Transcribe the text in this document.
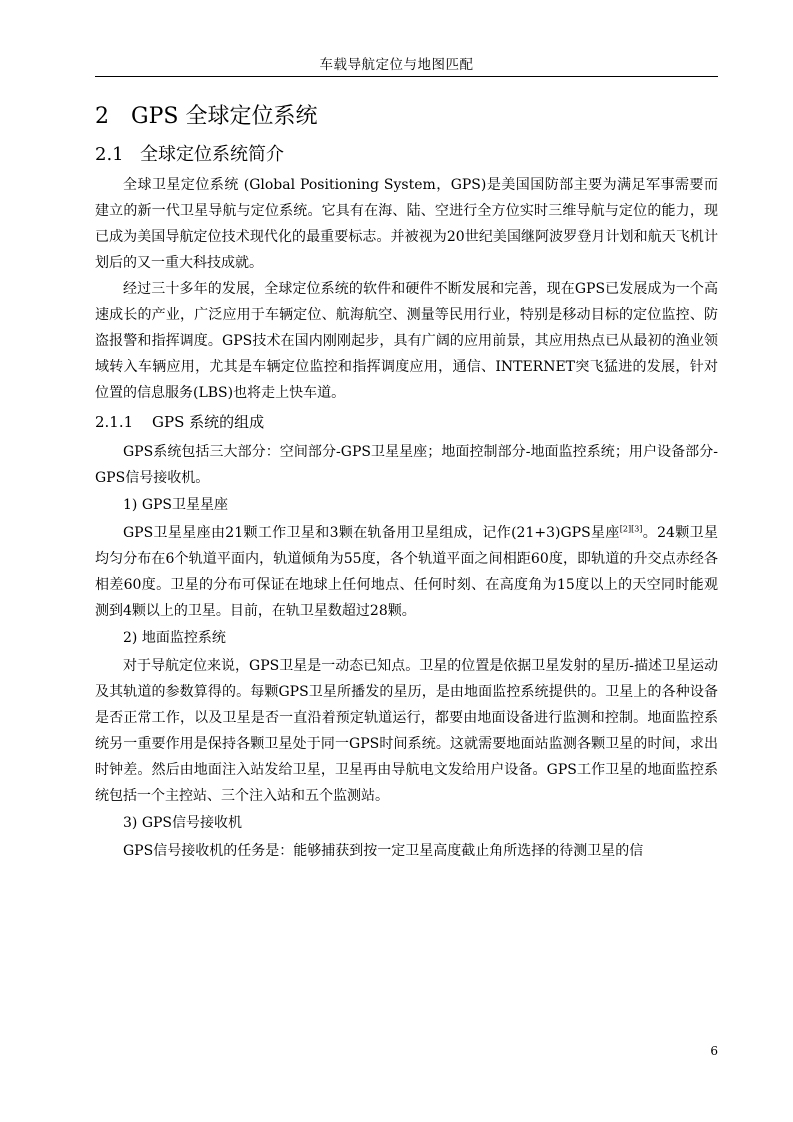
车载导航定位与地图匹配
2 GPS 全球定位系统
2.1 全球定位系统简介

全球卫星定位系统 (Global Positioning System，GPS)是美国国防部主要为满足军事需要而建立的新一代卫星导航与定位系统。它具有在海、陆、空进行全方位实时三维导航与定位的能力，现已成为美国导航定位技术现代化的最重要标志。并被视为20世纪美国继阿波罗登月计划和航天飞机计划后的又一重大科技成就。

经过三十多年的发展，全球定位系统的软件和硬件不断发展和完善，现在GPS已发展成为一个高速成长的产业，广泛应用于车辆定位、航海航空、测量等民用行业，特别是移动目标的定位监控、防盗报警和指挥调度。GPS技术在国内刚刚起步，具有广阔的应用前景，其应用热点已从最初的渔业领域转入车辆应用，尤其是车辆定位监控和指挥调度应用，通信、INTERNET突飞猛进的发展，针对位置的信息服务(LBS)也将走上快车道。

2.1.1 GPS 系统的组成

GPS系统包括三大部分：空间部分-GPS卫星星座；地面控制部分-地面监控系统；用户设备部分-GPS信号接收机。

1) GPS卫星星座

GPS卫星星座由21颗工作卫星和3颗在轨备用卫星组成，记作(21+3)GPS星座[2][3]。24颗卫星均匀分布在6个轨道平面内，轨道倾角为55度，各个轨道平面之间相距60度，即轨道的升交点赤经各相差60度。卫星的分布可保证在地球上任何地点、任何时刻、在高度角为15度以上的天空同时能观测到4颗以上的卫星。目前，在轨卫星数超过28颗。

2) 地面监控系统

对于导航定位来说，GPS卫星是一动态已知点。卫星的位置是依据卫星发射的星历-描述卫星运动及其轨道的参数算得的。每颗GPS卫星所播发的星历，是由地面监控系统提供的。卫星上的各种设备是否正常工作，以及卫星是否一直沿着预定轨道运行，都要由地面设备进行监测和控制。地面监控系统另一重要作用是保持各颗卫星处于同一GPS时间系统。这就需要地面站监测各颗卫星的时间，求出时钟差。然后由地面注入站发给卫星，卫星再由导航电文发给用户设备。GPS工作卫星的地面监控系统包括一个主控站、三个注入站和五个监测站。

3) GPS信号接收机

GPS信号接收机的任务是：能够捕获到按一定卫星高度截止角所选择的待测卫星的信

6
